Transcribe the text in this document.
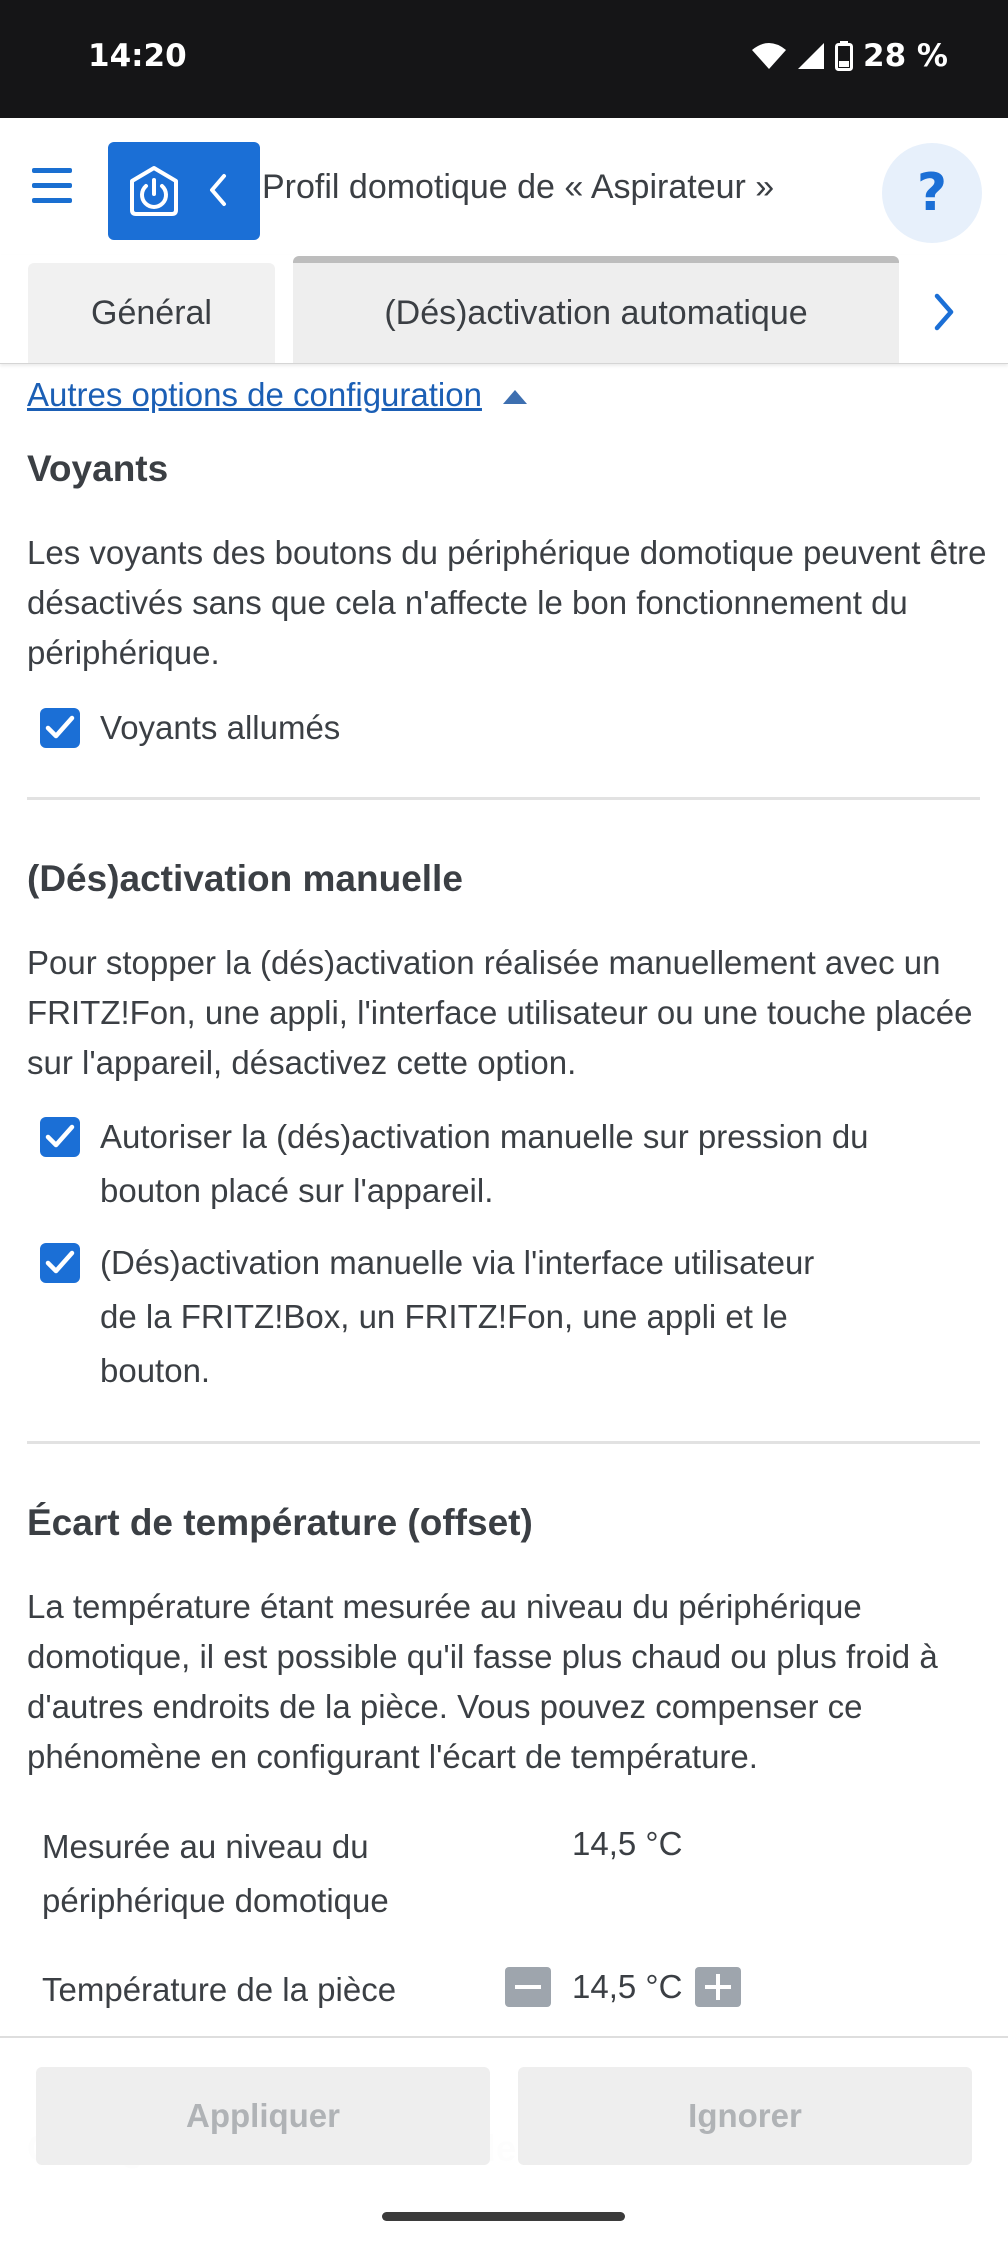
14:20	28 %
Profil domotique de « Aspirateur »	?
Général	(Dés)activation automatique
Autres options de configuration
Voyants
Les voyants des boutons du périphérique domotique peuvent être désactivés sans que cela n'affecte le bon fonctionnement du périphérique.
Voyants allumés
(Dés)activation manuelle
Pour stopper la (dés)activation réalisée manuellement avec un FRITZ!Fon, une appli, l'interface utilisateur ou une touche placée sur l'appareil, désactivez cette option.
Autoriser la (dés)activation manuelle sur pression du
bouton placé sur l'appareil.
(Dés)activation manuelle via l'interface utilisateur
de la FRITZ!Box, un FRITZ!Fon, une appli et le
bouton.
Écart de température (offset)
La température étant mesurée au niveau du périphérique domotique, il est possible qu'il fasse plus chaud ou plus froid à d'autres endroits de la pièce. Vous pouvez compenser ce phénomène en configurant l'écart de température.
Mesurée au niveau du
périphérique domotique
14,5 °C
Température de la pièce	14,5 °C
Appliquer	Ignorer
